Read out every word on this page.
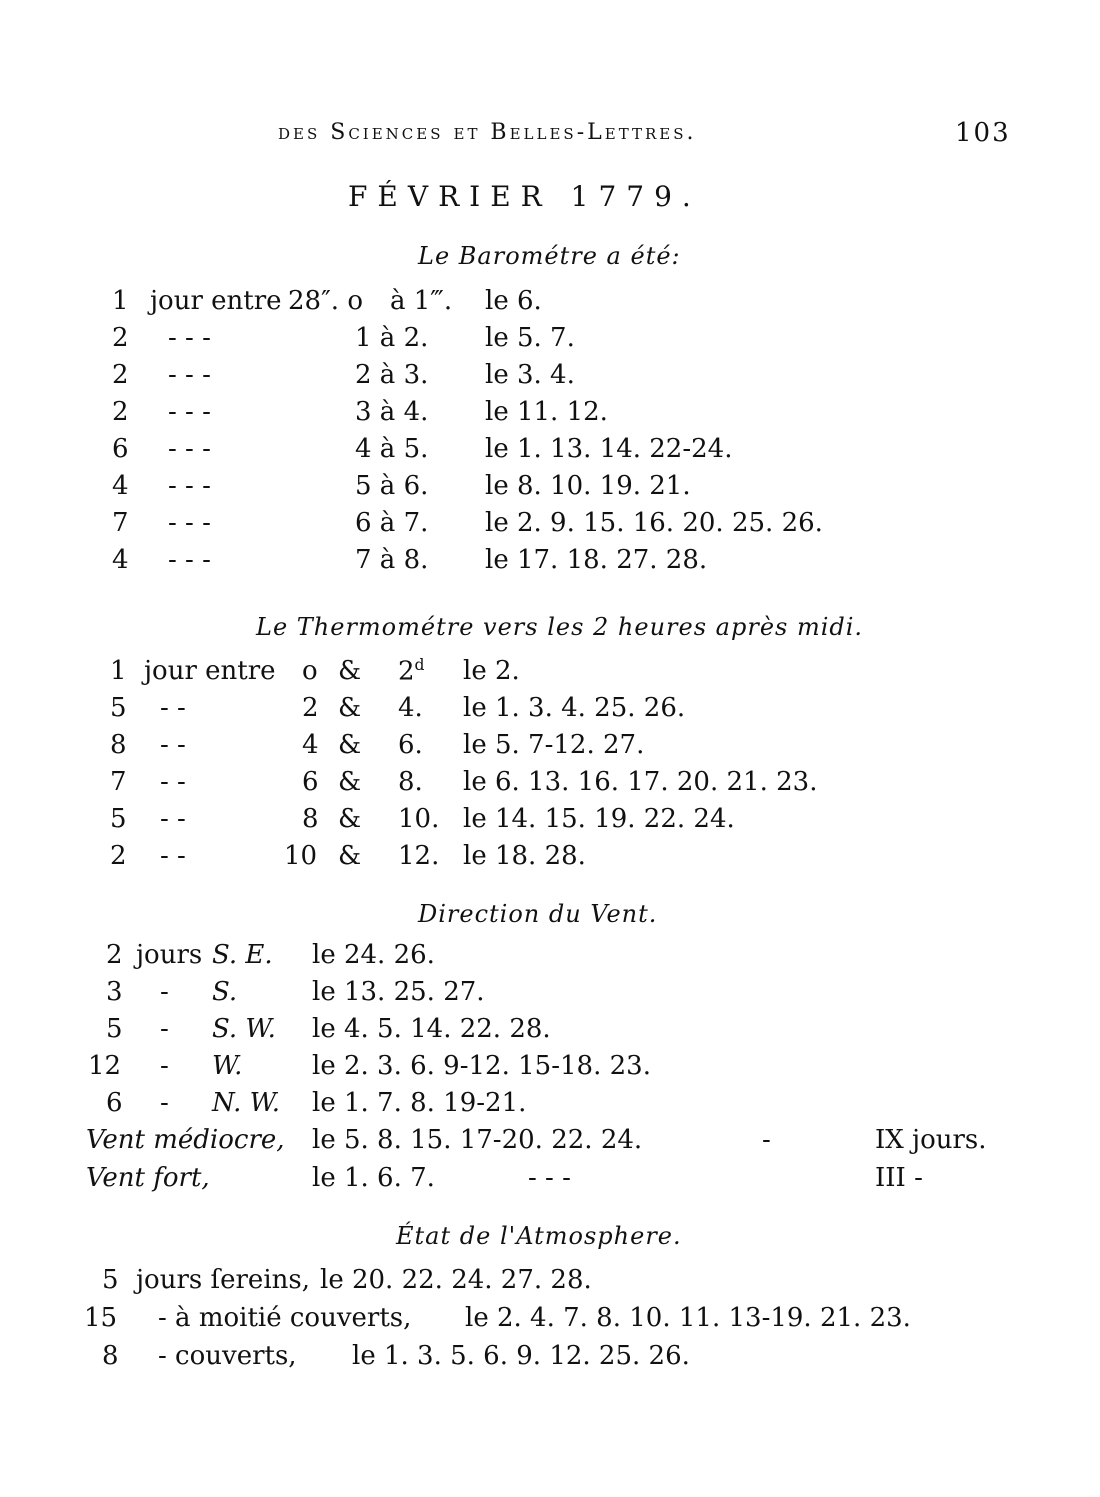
des Sciences et Belles-Lettres.	103
FÉVRIER 1779.
Le Barométre a été:
Le Thermométre vers les 2 heures après midi.
Direction du Vent.
État de l'Atmosphere.
1 jour entre 28″. o à 1‴. le 6.
2 - - -	1 à 2. le 5. 7.
2 - - -	2 à 3. le 3. 4.
2 - - -	3 à 4. le 11. 12.
6 - - -	4 à 5. le 1. 13. 14. 22-24.
4 - - -	5 à 6. le 8. 10. 19. 21.
7 - - -	6 à 7. le 2. 9. 15. 16. 20. 25. 26.
4 - - -	7 à 8. le 17. 18. 27. 28.
1 jour entre o & 2$^d$ le 2.
5 - -	2 & 4. le 1. 3. 4. 25. 26.
8 - -	4 & 6. le 5. 7-12. 27.
7 - -	6 & 8. le 6. 13. 16. 17. 20. 21. 23.
5 - -	8 & 10. le 14. 15. 19. 22. 24.
2 - -	10 & 12. le 18. 28.
2 jours S. E. le 24. 26.
3 - S.	le 13. 25. 27.
5 - S. W. le 4. 5. 14. 22. 28.
12 - W.	le 2. 3. 6. 9-12. 15-18. 23.
6 - N. W. le 1. 7. 8. 19-21.
Vent médiocre, le 5. 8. 15. 17-20. 22. 24.	-	IX jours.
Vent fort,	le 1. 6. 7.	- - -	III -
5 jours ſereins, le 20. 22. 24. 27. 28.
15 - à moitié couverts, le 2. 4. 7. 8. 10. 11. 13-19. 21. 23.
8 - couverts, le 1. 3. 5. 6. 9. 12. 25. 26.
